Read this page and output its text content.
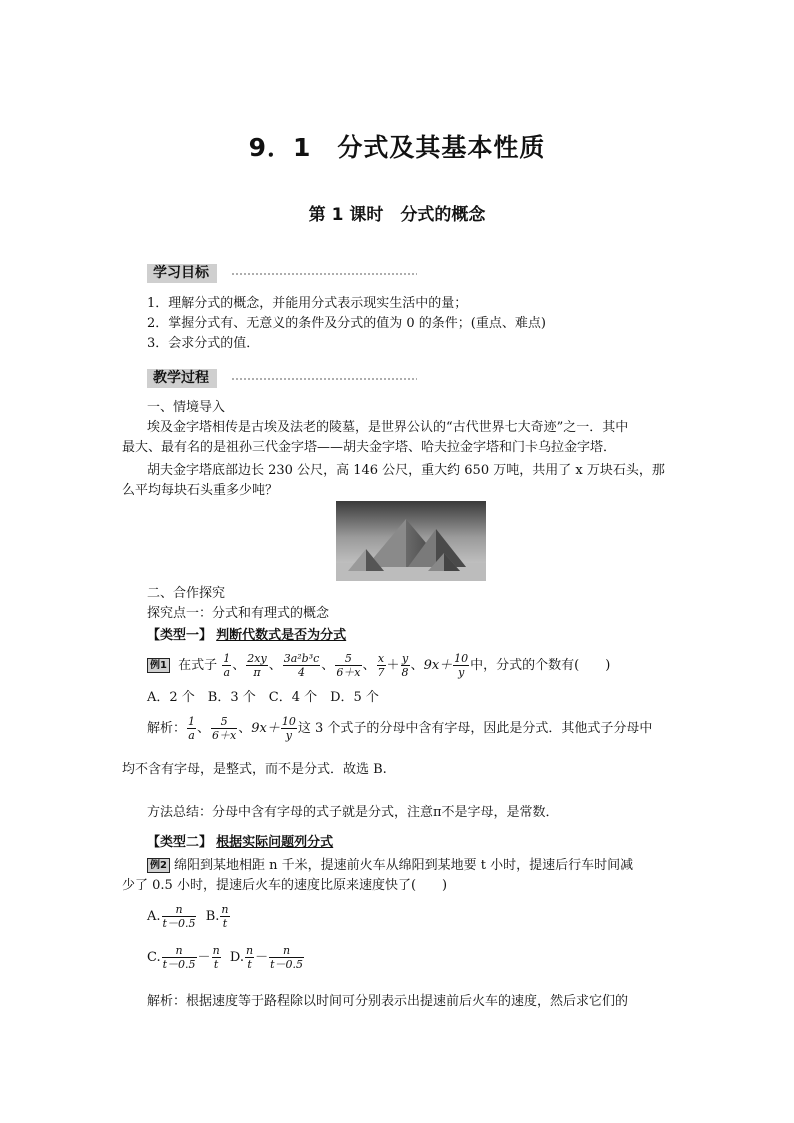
9．1　分式及其基本性质
第 1 课时　分式的概念
学习目标
1．理解分式的概念，并能用分式表示现实生活中的量；
2．掌握分式有、无意义的条件及分式的值为 0 的条件；(重点、难点)
3．会求分式的值．
教学过程
一、情境导入
埃及金字塔相传是古埃及法老的陵墓，是世界公认的“古代世界七大奇迹”之一．其中
最大、最有名的是祖孙三代金字塔——胡夫金字塔、哈夫拉金字塔和门卡乌拉金字塔．
胡夫金字塔底部边长 230 公尺，高 146 公尺，重大约 650 万吨，共用了 x 万块石头，那
么平均每块石头重多少吨？
二、合作探究
探究点一：分式和有理式的概念
【类型一】 判断代数式是否为分式
例1 在式子 $\frac{1}{a}$ 、 $\frac{2xy}{\pi}$ 、 $\frac{\text{3a²b³c}}{4}$ 、 $\frac{5}{6+x}$ 、 $\frac{x}{7} + \frac{y}{8}$ 、$9x+ \frac{10}{y}$ 中，分式的个数有(　　)
A．2 个　B．3 个　C．4 个　D．5 个
解析： $\frac{1}{a}$ 、 $\frac{5}{6+x}$ 、$9x+ \frac{10}{y}$ 这 3 个式子的分母中含有字母，因此是分式．其他式子分母中
均不含有字母，是整式，而不是分式．故选 B.
方法总结：分母中含有字母的式子就是分式，注意π不是字母，是常数．
【类型二】 根据实际问题列分式
例2 绵阳到某地相距 n 千米，提速前火车从绵阳到某地要 t 小时，提速后行车时间减
少了 0.5 小时，提速后火车的速度比原来速度快了(　　)
A. $\frac{n}{t-0.5} B$. $\frac{n}{t}$
C. $\frac{n}{t-0.5} - \frac{n}{t} D$. $\frac{n}{t} - \frac{n}{t-0.5}$
解析：根据速度等于路程除以时间可分别表示出提速前后火车的速度，然后求它们的
